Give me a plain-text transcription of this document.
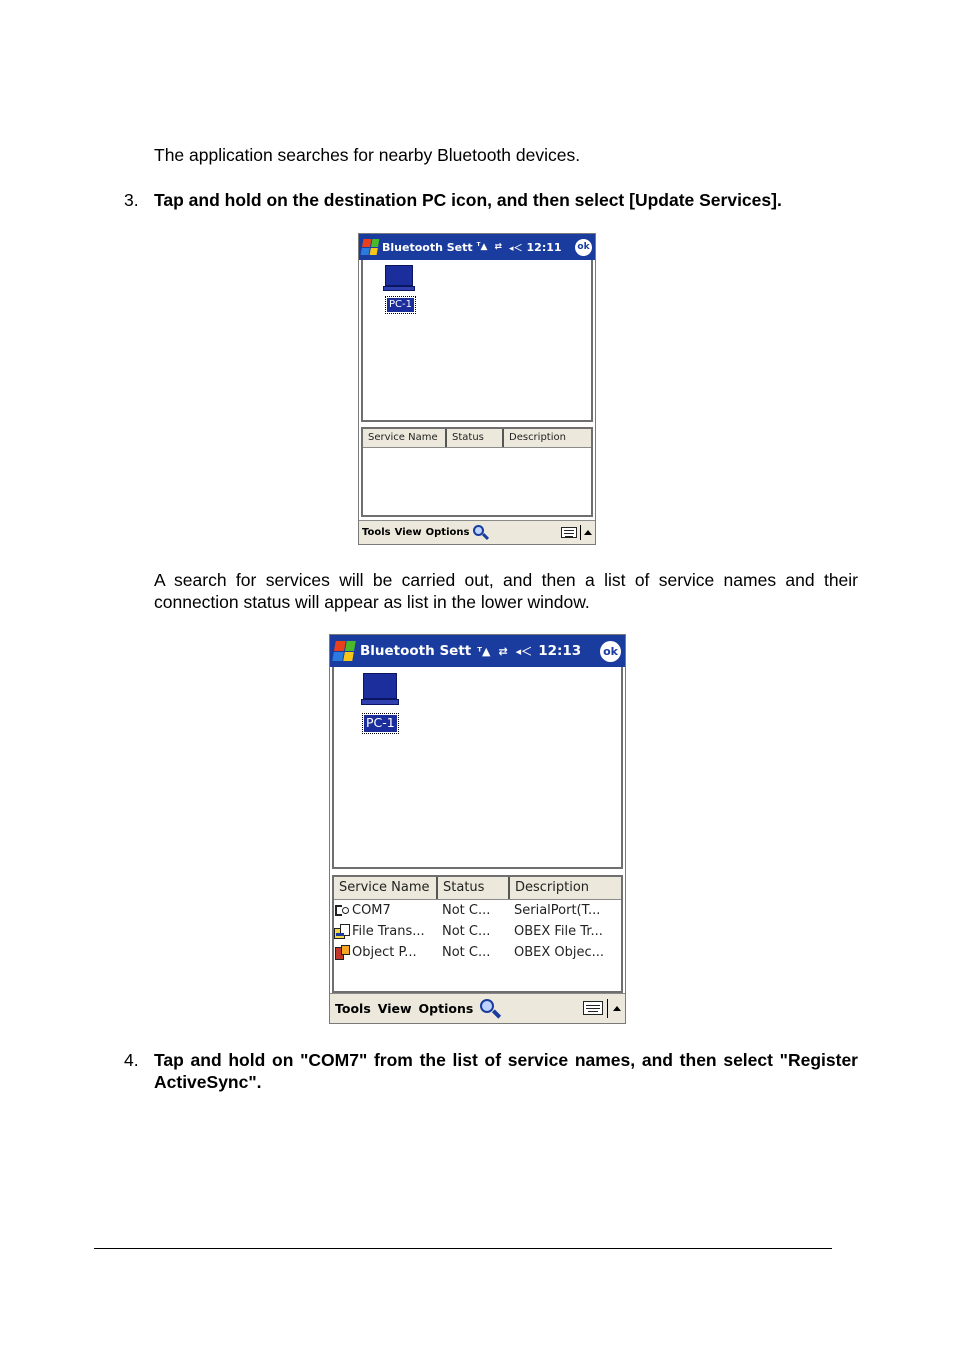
The application searches for nearby Bluetooth devices.
3. Tap and hold on the destination PC icon, and then select [Update Services].
Bluetooth Sett ᵀ▲ ⇄ ◂＜ 12:11 ok
PC-1
Service Name	Status	Description
Tools View Options
A search for services will be carried out, and then a list of service names and their connection status will appear as list in the lower window.
Bluetooth Sett ᵀ▲ ⇄ ◂＜ 12:13 ok
PC-1
Service Name	Status	Description
COM7	Not C...	SerialPort(T...
File Trans...	Not C...	OBEX File Tr...
Object P...	Not C...	OBEX Objec...
Tools View Options
4. Tap and hold on "COM7" from the list of service names, and then select "Register ActiveSync".
